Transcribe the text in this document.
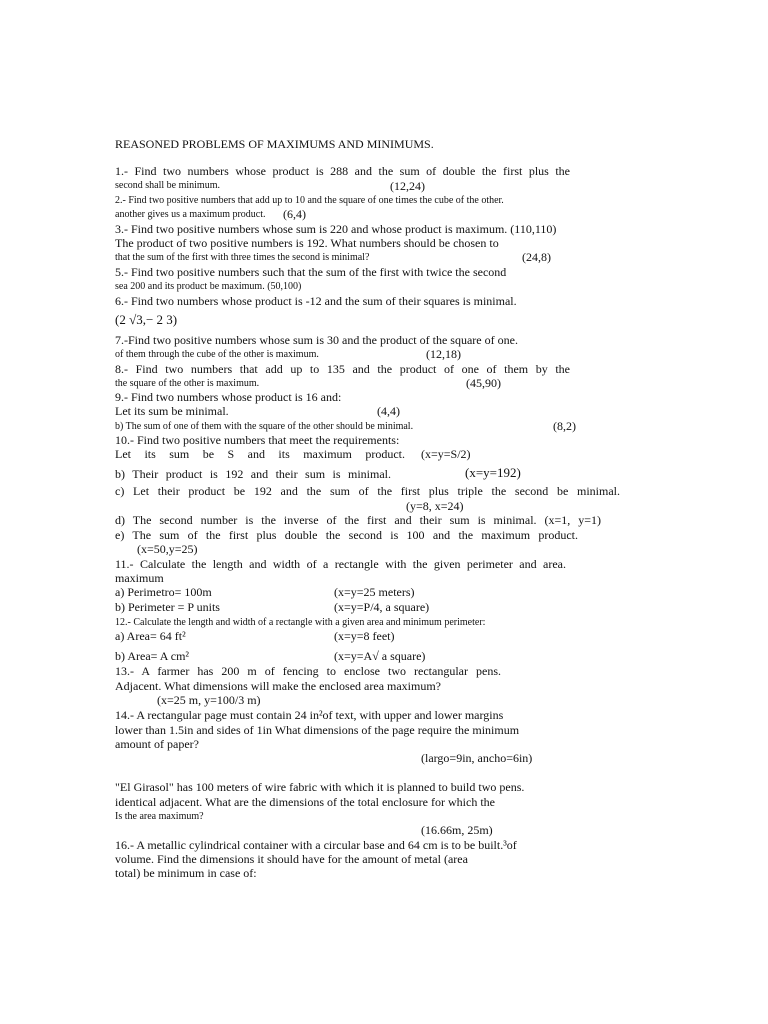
REASONED PROBLEMS OF MAXIMUMS AND MINIMUMS.
1.- Find two numbers whose product is 288 and the sum of double the first plus the
second shall be minimum.	(12,24)
2.- Find two positive numbers that add up to 10 and the square of one times the cube of the other.
another gives us a maximum product.	(6,4)
3.- Find two positive numbers whose sum is 220 and whose product is maximum. (110,110)
The product of two positive numbers is 192. What numbers should be chosen to
that the sum of the first with three times the second is minimal?	(24,8)
5.- Find two positive numbers such that the sum of the first with twice the second
sea 200 and its product be maximum. (50,100)
6.- Find two numbers whose product is -12 and the sum of their squares is minimal.
(2 √3,− 2 3)
7.-Find two positive numbers whose sum is 30 and the product of the square of one.
of them through the cube of the other is maximum.	(12,18)
8.- Find two numbers that add up to 135 and the product of one of them by the
the square of the other is maximum.	(45,90)
9.- Find two numbers whose product is 16 and:
Let its sum be minimal.	(4,4)
b) The sum of one of them with the square of the other should be minimal.	(8,2)
10.- Find two positive numbers that meet the requirements:
Let its sum be S and its maximum product. (x=y=S/2)
b) Their product is 192 and their sum is minimal.	(x=y=192)
c) Let their product be 192 and the sum of the first plus triple the second be minimal.
(y=8, x=24)
d) The second number is the inverse of the first and their sum is minimal. (x=1, y=1)
e) The sum of the first plus double the second is 100 and the maximum product.
(x=50,y=25)
11.- Calculate the length and width of a rectangle with the given perimeter and area.
maximum
a) Perimetro= 100m	(x=y=25 meters)
b) Perimeter = P units	(x=y=P/4, a square)
12.- Calculate the length and width of a rectangle with a given area and minimum perimeter:
a) Area= 64 ft²	(x=y=8 feet)
b) Area= A cm²	(x=y=A√ a square)
13.- A farmer has 200 m of fencing to enclose two rectangular pens.
Adjacent. What dimensions will make the enclosed area maximum?
(x=25 m, y=100/3 m)
14.- A rectangular page must contain 24 in²of text, with upper and lower margins
lower than 1.5in and sides of 1in What dimensions of the page require the minimum
amount of paper?
(largo=9in, ancho=6in)
"El Girasol" has 100 meters of wire fabric with which it is planned to build two pens.
identical adjacent. What are the dimensions of the total enclosure for which the
Is the area maximum?
(16.66m, 25m)
16.- A metallic cylindrical container with a circular base and 64 cm is to be built.³of
volume. Find the dimensions it should have for the amount of metal (area
total) be minimum in case of:
